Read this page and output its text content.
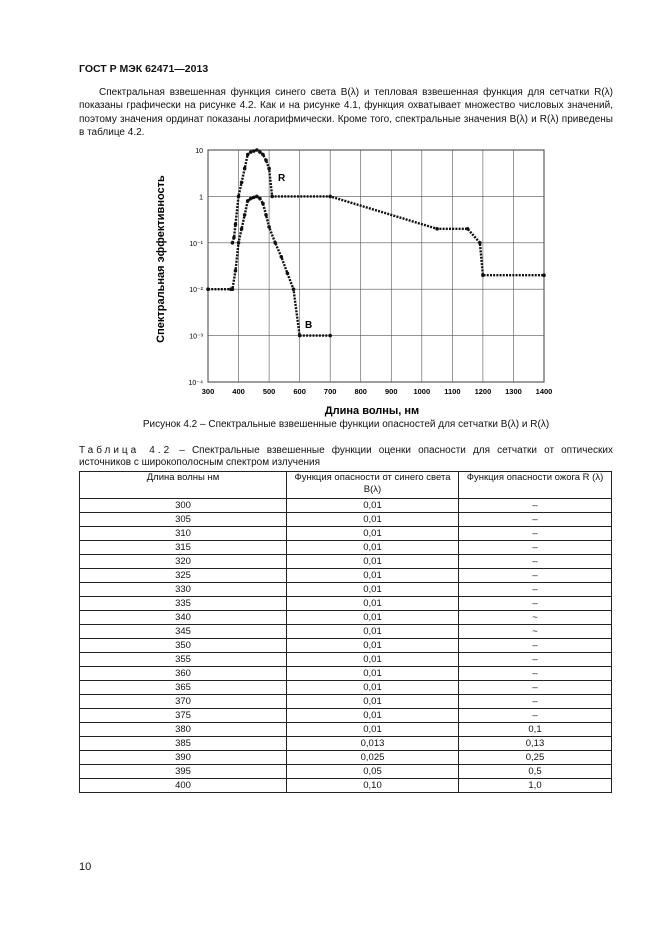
ГОСТ Р МЭК 62471—2013

Спектральная взвешенная функция синего света B(λ) и тепловая взвешенная функция для сетчатки R(λ) показаны графически на рисунке 4.2. Как и на рисунке 4.1, функция охватывает множество числовых значений, поэтому значения ординат показаны логарифмически. Кроме того, спектральные значения B(λ) и R(λ) приведены в таблице 4.2.

300 400 500 600 700 800 900 1000 1100 1200 1300 1400
10
1
10⁻¹
10⁻²
10⁻³
10⁻⁴
Длина волны, нм
Спектральная эффективность	R
B
Рисунок 4.2 – Спектральные взвешенные функции опасностей для сетчатки B(λ) и R(λ)

Таблица 4.2 – Спектральные взвешенные функции оценки опасности для сетчатки от оптических источников с широкополосным спектром излучения

Длина волны нм	Функция опасности от синего света B(λ)	Функция опасности ожога R (λ)
300	0,01	–
305	0,01	–
310	0,01	–
315	0,01	–
320	0,01	–
325	0,01	–
330	0,01	–
335	0,01	–
340	0,01	~
345	0,01	~
350	0,01	–
355	0,01	–
360	0,01	–
365	0,01	–
370	0,01	–
375	0,01	–
380	0,01	0,1
385	0,013	0,13
390	0,025	0,25
395	0,05	0,5
400	0,10	1,0
10
